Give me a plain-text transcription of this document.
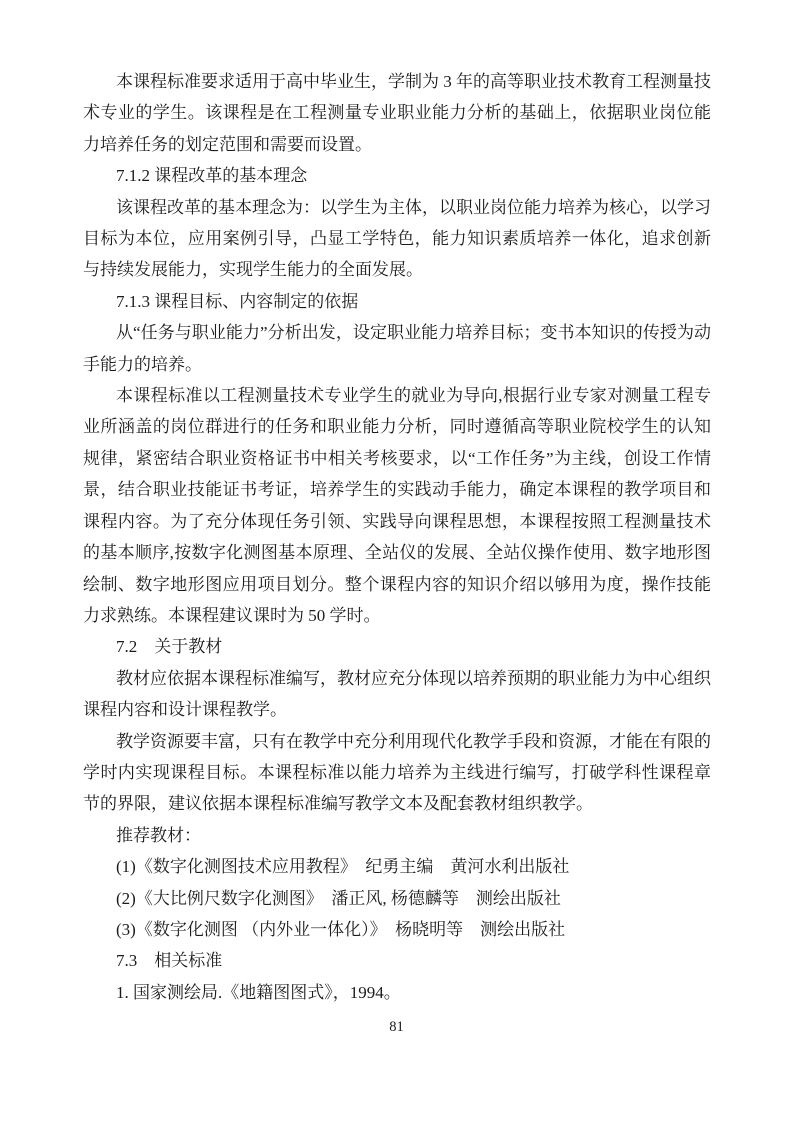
本课程标准要求适用于高中毕业生，学制为 3 年的高等职业技术教育工程测量技术专业的学生。该课程是在工程测量专业职业能力分析的基础上，依据职业岗位能力培养任务的划定范围和需要而设置。

7.1.2 课程改革的基本理念

该课程改革的基本理念为：以学生为主体，以职业岗位能力培养为核心，以学习目标为本位，应用案例引导，凸显工学特色，能力知识素质培养一体化，追求创新与持续发展能力，实现学生能力的全面发展。

7.1.3 课程目标、内容制定的依据

从“任务与职业能力”分析出发，设定职业能力培养目标；变书本知识的传授为动手能力的培养。

本课程标准以工程测量技术专业学生的就业为导向,根据行业专家对测量工程专 业所涵盖的岗位群进行的任务和职业能力分析，同时遵循高等职业院校学生的认知规律，紧密结合职业资格证书中相关考核要求，以“工作任务”为主线，创设工作情景，结合职业技能证书考证，培养学生的实践动手能力，确定本课程的教学项目和课程内容。为了充分体现任务引领、实践导向课程思想，本课程按照工程测量技术的基本顺序,按数字化测图基本原理、全站仪的发展、全站仪操作使用、数字地形图绘制、数字地形图应用项目划分。整个课程内容的知识介绍以够用为度，操作技能力求熟练。本课程建议课时为 50 学时。

7.2　关于教材

教材应依据本课程标准编写，教材应充分体现以培养预期的职业能力为中心组织课程内容和设计课程教学。

教学资源要丰富，只有在教学中充分利用现代化教学手段和资源，才能在有限的学时内实现课程目标。本课程标准以能力培养为主线进行编写，打破学科性课程章节的界限，建议依据本课程标准编写教学文本及配套教材组织教学。

推荐教材：

(1)《数字化测图技术应用教程》　纪勇主编　黄河水利出版社

(2)《大比例尺数字化测图》　潘正风, 杨德麟等　测绘出版社

(3)《数字化测图 （内外业一体化）》　杨晓明等　测绘出版社

7.3　相关标准

1. 国家测绘局.《地籍图图式》，1994。

81
